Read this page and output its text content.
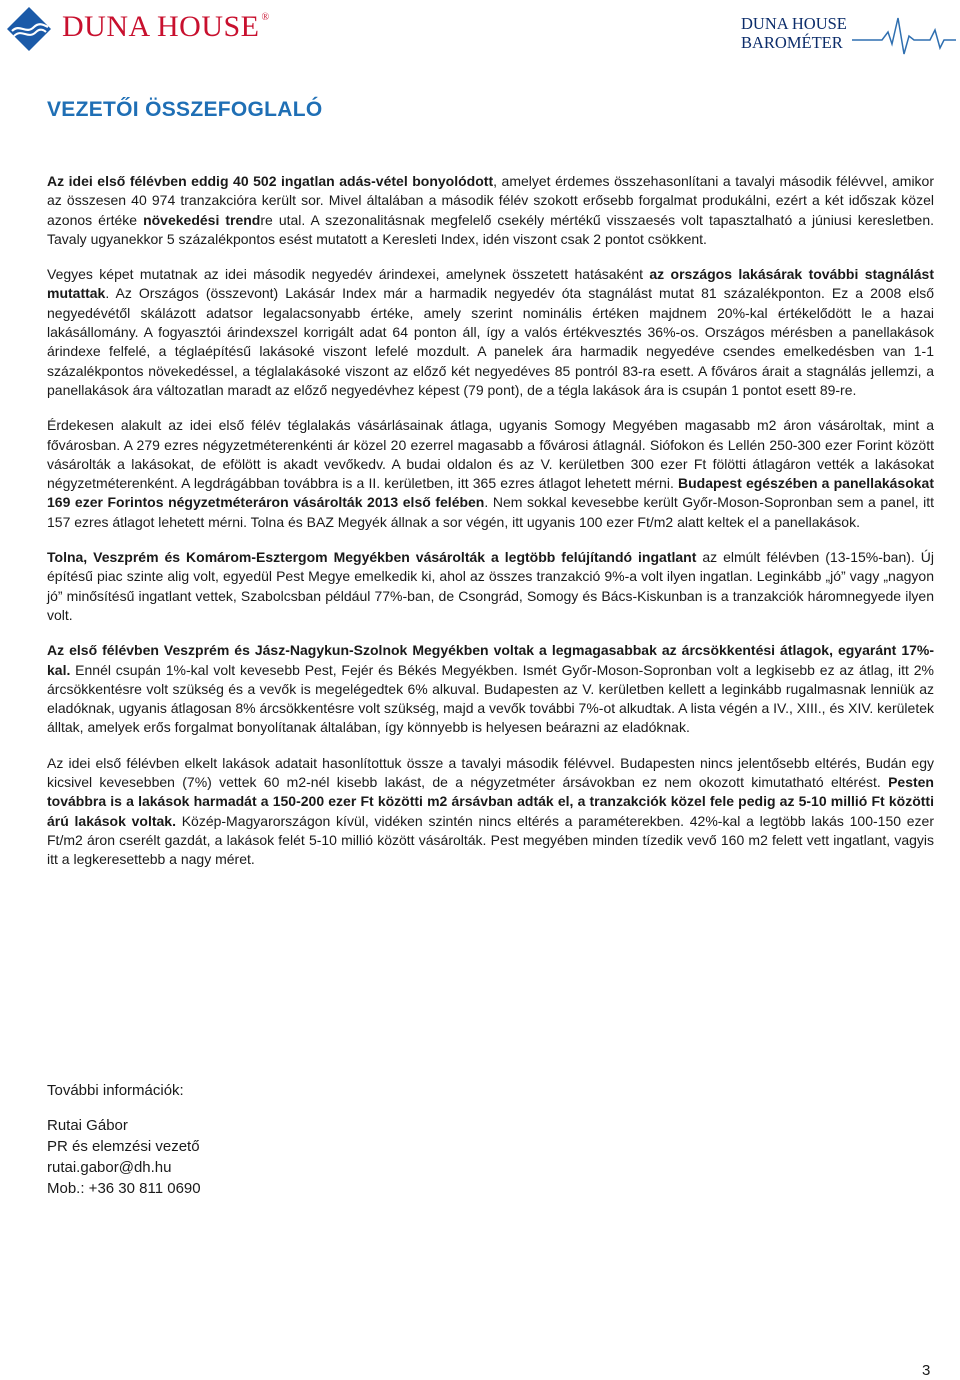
DUNA HOUSE ®	DUNA HOUSE
BAROMÉTER
VEZETŐI ÖSSZEFOGLALÓ

Az idei első félévben eddig 40 502 ingatlan adás-vétel bonyolódott, amelyet érdemes összehasonlítani a tavalyi második félévvel, amikor az összesen 40 974 tranzakcióra került sor. Mivel általában a második félév szokott erősebb forgalmat produkálni, ezért a két időszak közel azonos értéke növekedési trendre utal. A szezonalitásnak megfelelő csekély mértékű visszaesés volt tapasztalható a júniusi keresletben. Tavaly ugyanekkor 5 százalékpontos esést mutatott a Keresleti Index, idén viszont csak 2 pontot csökkent.

Vegyes képet mutatnak az idei második negyedév árindexei, amelynek összetett hatásaként az országos lakásárak további stagnálást mutattak. Az Országos (összevont) Lakásár Index már a harmadik negyedév óta stagnálást mutat 81 százalékponton. Ez a 2008 első negyedévétől skálázott adatsor legalacsonyabb értéke, amely szerint nominális értéken majdnem 20%-kal értékelődött le a hazai lakásállomány. A fogyasztói árindexszel korrigált adat 64 ponton áll, így a valós értékvesztés 36%-os. Országos mérésben a panellakások árindexe felfelé, a téglaépítésű lakásoké viszont lefelé mozdult. A panelek ára harmadik negyedéve csendes emelkedésben van 1-1 százalékpontos növekedéssel, a téglalakásoké viszont az előző két negyedéves 85 pontról 83-ra esett. A főváros árait a stagnálás jellemzi, a panellakások ára változatlan maradt az előző negyedévhez képest (79 pont), de a tégla lakások ára is csupán 1 pontot esett 89-re.

Érdekesen alakult az idei első félév téglalakás vásárlásainak átlaga, ugyanis Somogy Megyében magasabb m2 áron vásároltak, mint a fővárosban. A 279 ezres négyzetméterenkénti ár közel 20 ezerrel magasabb a fővárosi átlagnál. Siófokon és Lellén 250-300 ezer Forint között vásárolták a lakásokat, de efölött is akadt vevőkedv. A budai oldalon és az V. kerületben 300 ezer Ft fölötti átlagáron vették a lakásokat négyzetméterenként. A legdrágábban továbbra is a II. kerületben, itt 365 ezres átlagot lehetett mérni. Budapest egészében a panellakásokat 169 ezer Forintos négyzetméteráron vásárolták 2013 első felében. Nem sokkal kevesebbe került Győr-Moson-Sopronban sem a panel, itt 157 ezres átlagot lehetett mérni. Tolna és BAZ Megyék állnak a sor végén, itt ugyanis 100 ezer Ft/m2 alatt keltek el a panellakások.

Tolna, Veszprém és Komárom-Esztergom Megyékben vásárolták a legtöbb felújítandó ingatlant az elmúlt félévben (13-15%-ban). Új építésű piac szinte alig volt, egyedül Pest Megye emelkedik ki, ahol az összes tranzakció 9%-a volt ilyen ingatlan. Leginkább „jó” vagy „nagyon jó” minősítésű ingatlant vettek, Szabolcsban például 77%-ban, de Csongrád, Somogy és Bács-Kiskunban is a tranzakciók háromnegyede ilyen volt.

Az első félévben Veszprém és Jász-Nagykun-Szolnok Megyékben voltak a legmagasabbak az árcsökkentési átlagok, egyaránt 17%-kal. Ennél csupán 1%-kal volt kevesebb Pest, Fejér és Békés Megyékben. Ismét Győr-Moson-Sopronban volt a legkisebb ez az átlag, itt 2% árcsökkentésre volt szükség és a vevők is megelégedtek 6% alkuval. Budapesten az V. kerületben kellett a leginkább rugalmasnak lenniük az eladóknak, ugyanis átlagosan 8% árcsökkentésre volt szükség, majd a vevők további 7%-ot alkudtak. A lista végén a IV., XIII., és XIV. kerületek álltak, amelyek erős forgalmat bonyolítanak általában, így könnyebb is helyesen beárazni az eladóknak.

Az idei első félévben elkelt lakások adatait hasonlítottuk össze a tavalyi második félévvel. Budapesten nincs jelentősebb eltérés, Budán egy kicsivel kevesebben (7%) vettek 60 m2-nél kisebb lakást, de a négyzetméter ársávokban ez nem okozott kimutatható eltérést. Pesten továbbra is a lakások harmadát a 150-200 ezer Ft közötti m2 ársávban adták el, a tranzakciók közel fele pedig az 5-10 millió Ft közötti árú lakások voltak. Közép-Magyarországon kívül, vidéken szintén nincs eltérés a paraméterekben. 42%-kal a legtöbb lakás 100-150 ezer Ft/m2 áron cserélt gazdát, a lakások felét 5-10 millió között vásárolták. Pest megyében minden tízedik vevő 160 m2 felett vett ingatlant, vagyis itt a legkeresettebb a nagy méret.

További információk:
Rutai Gábor
PR és elemzési vezető
rutai.gabor@dh.hu
Mob.: +36 30 811 0690
3
